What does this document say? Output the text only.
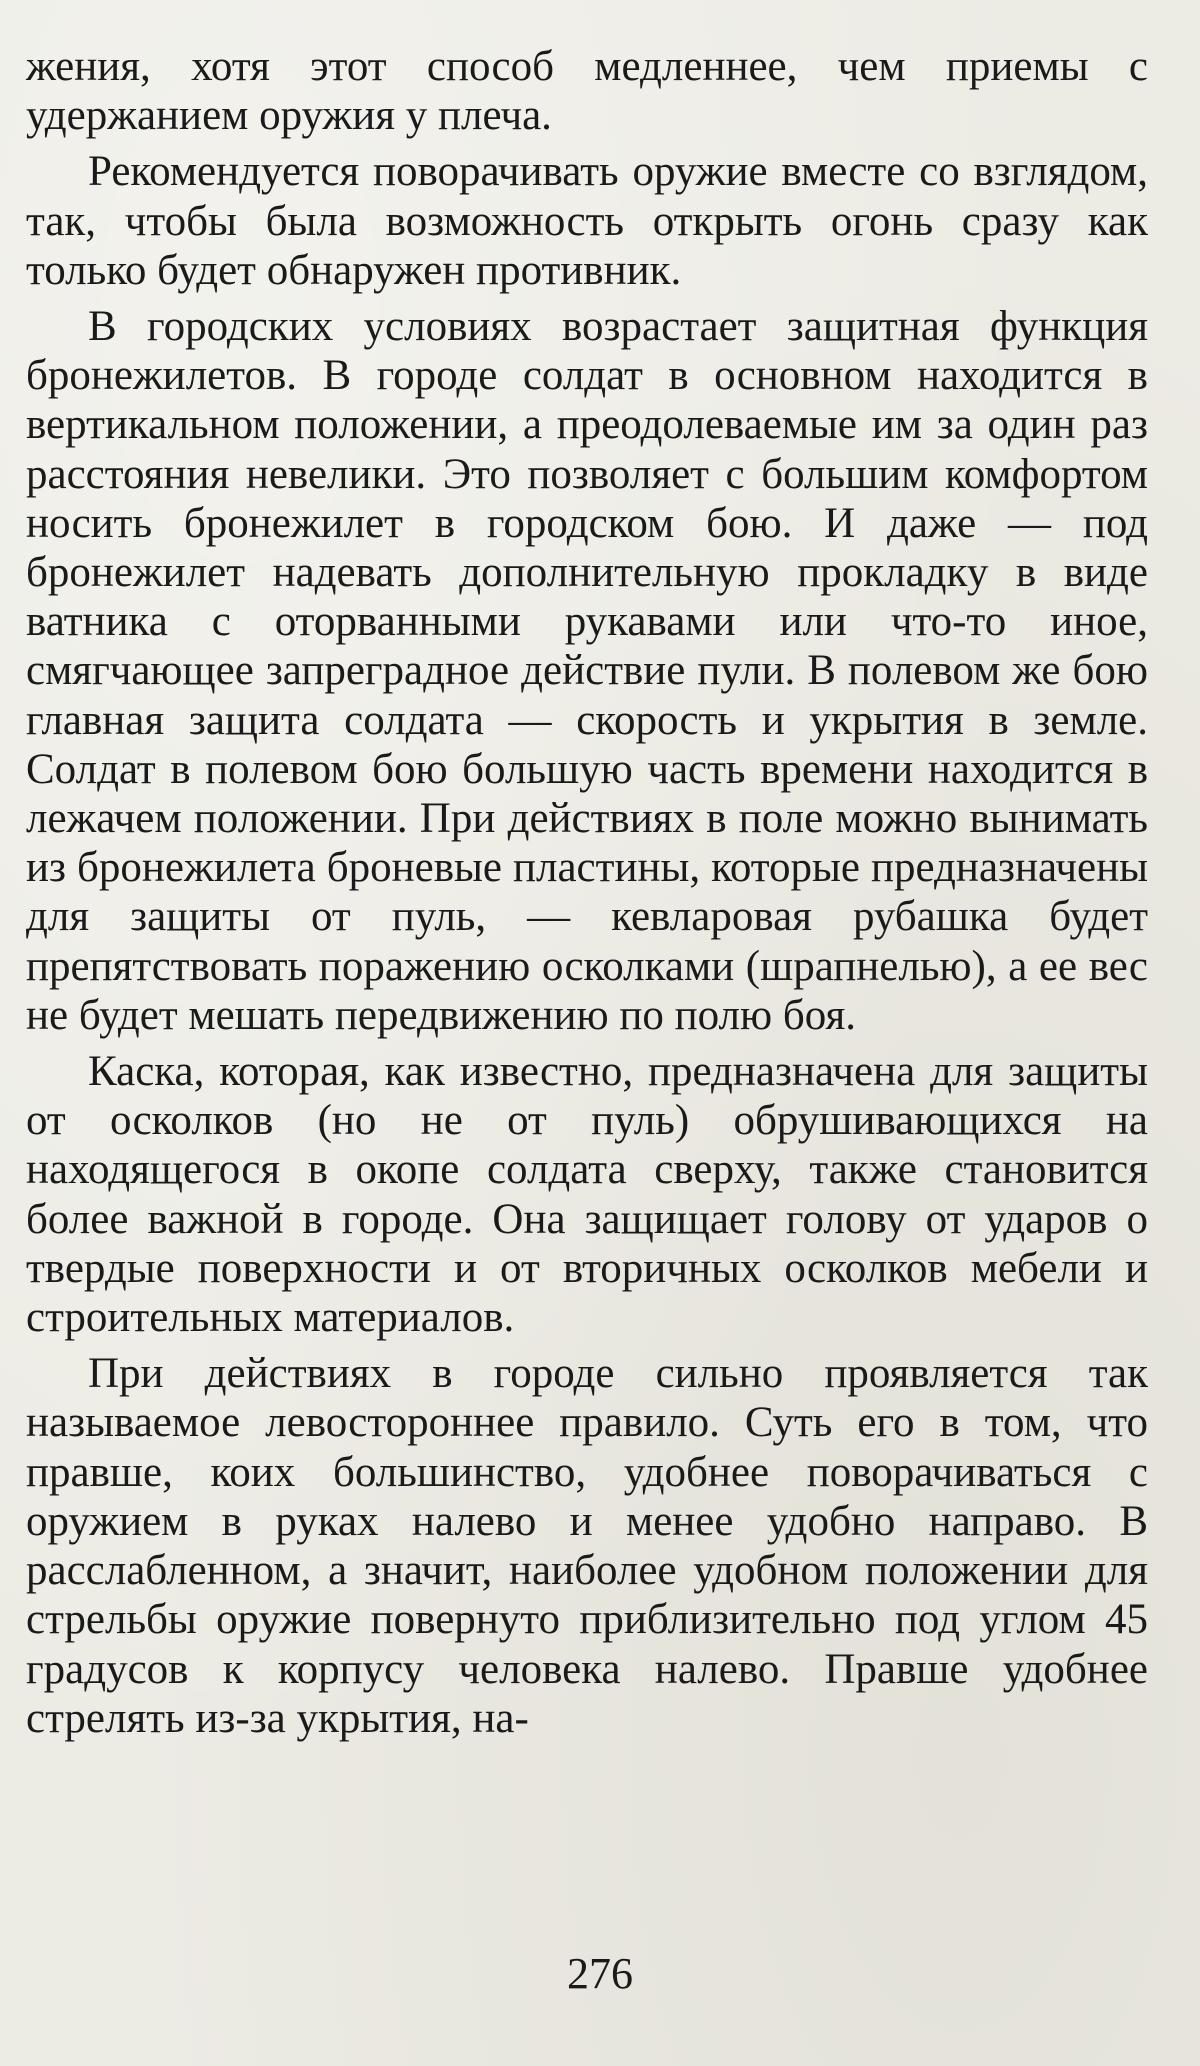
жения, хотя этот способ медленнее, чем приемы с удержанием оружия у плеча.

Рекомендуется поворачивать оружие вместе со взглядом, так, чтобы была возможность открыть огонь сразу как только будет обнаружен противник.

В городских условиях возрастает защитная функция бронежилетов. В городе солдат в основном находится в вертикальном положении, а преодолеваемые им за один раз расстояния невелики. Это позволяет с большим комфортом носить бронежилет в городском бою. И даже — под бронежилет надевать дополнительную прокладку в виде ватника с оторванными рукавами или что-то иное, смягчающее запреградное действие пули. В полевом же бою главная защита солдата — скорость и укрытия в земле. Солдат в полевом бою большую часть времени находится в лежачем положении. При действиях в поле можно вынимать из бронежилета броневые пластины, которые предназначены для защиты от пуль, — кевларовая рубашка будет препятствовать поражению осколками (шрапнелью), а ее вес не будет мешать передвижению по полю боя.

Каска, которая, как известно, предназначена для защиты от осколков (но не от пуль) обрушивающихся на находящегося в окопе солдата сверху, также становится более важной в городе. Она защищает голову от ударов о твердые поверхности и от вторичных осколков мебели и строительных материалов.

При действиях в городе сильно проявляется так называемое левостороннее правило. Суть его в том, что правше, коих большинство, удобнее поворачиваться с оружием в руках налево и менее удобно направо. В расслабленном, а значит, наиболее удобном положении для стрельбы оружие повернуто приблизительно под углом 45 градусов к корпусу человека налево. Правше удобнее стрелять из-за укрытия, на-

276
